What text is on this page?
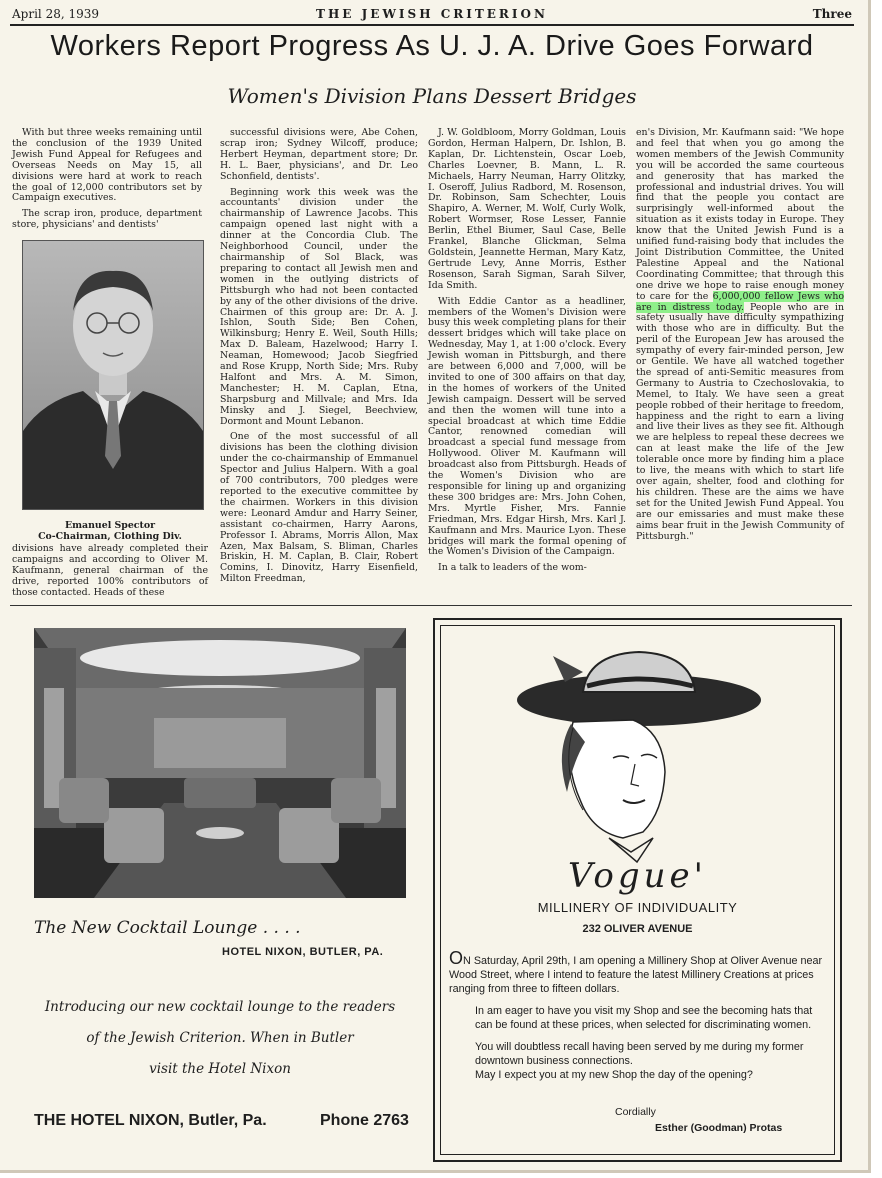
April 28, 1939	THE JEWISH CRITERION	Three
Workers Report Progress As U. J. A. Drive Goes Forward
Women's Division Plans Dessert Bridges

With but three weeks remaining until the conclusion of the 1939 United Jewish Fund Appeal for Refugees and Overseas Needs on May 15, all divisions were hard at work to reach the goal of 12,000 contributors set by Campaign executives.

The scrap iron, produce, department store, physicians' and dentists'

Emanuel Spector
Co-Chairman, Clothing Div.
divisions have already completed their campaigns and according to Oliver M. Kaufmann, general chairman of the drive, reported 100% contributors of those contacted. Heads of these

successful divisions were, Abe Cohen, scrap iron; Sydney Wilcoff, produce; Herbert Heyman, department store; Dr. H. L. Baer, physicians', and Dr. Leo Schonfield, dentists'.

Beginning work this week was the accountants' division under the chairmanship of Lawrence Jacobs. This campaign opened last night with a dinner at the Concordia Club. The Neighborhood Council, under the chairmanship of Sol Black, was preparing to contact all Jewish men and women in the outlying districts of Pittsburgh who had not been contacted by any of the other divisions of the drive. Chairmen of this group are: Dr. A. J. Ishlon, South Side; Ben Cohen, Wilkinsburg; Henry E. Weil, South Hills; Max D. Baleam, Hazelwood; Harry I. Neaman, Homewood; Jacob Siegfried and Rose Krupp, North Side; Mrs. Ruby Halfont and Mrs. A. M. Simon, Manchester; H. M. Caplan, Etna, Sharpsburg and Millvale; and Mrs. Ida Minsky and J. Siegel, Beechview, Dormont and Mount Lebanon.

One of the most successful of all divisions has been the clothing division under the co-chairmanship of Emmanuel Spector and Julius Halpern. With a goal of 700 contributors, 700 pledges were reported to the executive committee by the chairmen. Workers in this division were: Leonard Amdur and Harry Seiner, assistant co-chairmen, Harry Aarons, Professor I. Abrams, Morris Allon, Max Azen, Max Balsam, S. Bliman, Charles Briskin, H. M. Caplan, B. Clair, Robert Comins, I. Dinovitz, Harry Eisenfield, Milton Freedman,

J. W. Goldbloom, Morry Goldman, Louis Gordon, Herman Halpern, Dr. Ishlon, B. Kaplan, Dr. Lichtenstein, Oscar Loeb, Charles Loevner, B. Mann, L. R. Michaels, Harry Neuman, Harry Olitzky, I. Oseroff, Julius Radbord, M. Rosenson, Dr. Robinson, Sam Schechter, Louis Shapiro, A. Werner, M. Wolf, Curly Wolk, Robert Wormser, Rose Lesser, Fannie Berlin, Ethel Biumer, Saul Case, Belle Frankel, Blanche Glickman, Selma Goldstein, Jeannette Herman, Mary Katz, Gertrude Levy, Anne Morris, Esther Rosenson, Sarah Sigman, Sarah Silver, Ida Smith.

With Eddie Cantor as a headliner, members of the Women's Division were busy this week completing plans for their dessert bridges which will take place on Wednesday, May 1, at 1:00 o'clock. Every Jewish woman in Pittsburgh, and there are between 6,000 and 7,000, will be invited to one of 300 affairs on that day, in the homes of workers of the United Jewish campaign. Dessert will be served and then the women will tune into a special broadcast at which time Eddie Cantor, renowned comedian will broadcast a special fund message from Hollywood. Oliver M. Kaufmann will broadcast also from Pittsburgh. Heads of the Women's Division who are responsible for lining up and organizing these 300 bridges are: Mrs. John Cohen, Mrs. Myrtle Fisher, Mrs. Fannie Friedman, Mrs. Edgar Hirsh, Mrs. Karl J. Kaufmann and Mrs. Maurice Lyon. These bridges will mark the formal opening of the Women's Division of the Campaign.

In a talk to leaders of the wom-

en's Division, Mr. Kaufmann said: "We hope and feel that when you go among the women members of the Jewish Community you will be accorded the same courteous and generosity that has marked the professional and industrial drives. You will find that the people you contact are surprisingly well-informed about the situation as it exists today in Europe. They know that the United Jewish Fund is a unified fund-raising body that includes the Joint Distribution Committee, the United Palestine Appeal and the National Coordinating Committee; that through this one drive we hope to raise enough money to care for the 6,000,000 fellow Jews who are in distress today. People who are in safety usually have difficulty sympathizing with those who are in difficulty. But the peril of the European Jew has aroused the sympathy of every fair-minded person, Jew or Gentile. We have all watched together the spread of anti-Semitic measures from Germany to Austria to Czechoslovakia, to Memel, to Italy. We have seen a great people robbed of their heritage to freedom, happiness and the right to earn a living and live their lives as they see fit. Although we are helpless to repeal these decrees we can at least make the life of the Jew tolerable once more by finding him a place to live, the means with which to start life over again, shelter, food and clothing for his children. These are the aims we have set for the United Jewish Fund Appeal. You are our emissaries and must make these aims bear fruit in the Jewish Community of Pittsburgh."

The New Cocktail Lounge . . . .
HOTEL NIXON, BUTLER, PA.
Introducing our new cocktail lounge to the readers
of the Jewish Criterion. When in Butler
visit the Hotel Nixon
THE HOTEL NIXON, Butler, Pa.	Phone 2763
Vogue'
MILLINERY OF INDIVIDUALITY
232 OLIVER AVENUE

ON Saturday, April 29th, I am opening a Millinery Shop at Oliver Avenue near Wood Street, where I intend to feature the latest Millinery Creations at prices ranging from three to fifteen dollars.

In am eager to have you visit my Shop and see the becoming hats that can be found at these prices, when selected for discriminating women.

You will doubtless recall having been served by me during my former downtown business connections.

May I expect you at my new Shop the day of the opening?

Cordially
Esther (Goodman) Protas
